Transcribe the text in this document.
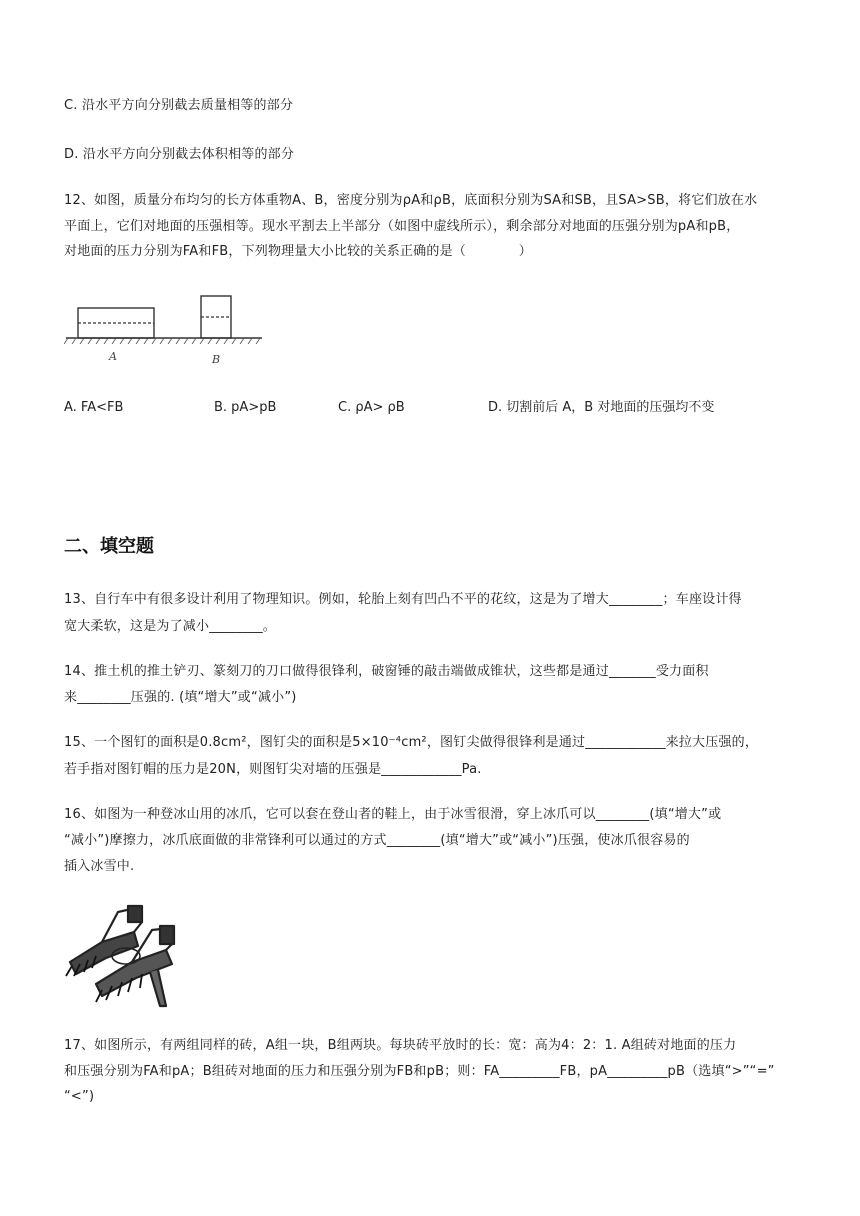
C. 沿水平方向分别截去质量相等的部分
D. 沿水平方向分别截去体积相等的部分
12、如图，质量分布均匀的长方体重物A、B，密度分别为ρA和ρB，底面积分别为SA和SB，且SA>SB，将它们放在水
平面上，它们对地面的压强相等。现水平割去上半部分（如图中虚线所示），剩余部分对地面的压强分别为pA和pB，
对地面的压力分别为FA和FB，下列物理量大小比较的关系正确的是（　　　　）
A	B
A. FA<FB	B. pA>pB	C. ρA> ρB	D. 切割前后 A，B 对地面的压强均不变
二、填空题
13、自行车中有很多设计利用了物理知识。例如，轮胎上刻有凹凸不平的花纹，这是为了增大________；车座设计得
宽大柔软，这是为了减小________。
14、推土机的推土铲刃、篆刻刀的刀口做得很锋利，破窗锤的敲击端做成锥状，这些都是通过_______受力面积
来________压强的. (填“增大”或“减小”)
15、一个图钉的面积是0.8cm²，图钉尖的面积是5×10⁻⁴cm²，图钉尖做得很锋利是通过____________来拉大压强的，
若手指对图钉帽的压力是20N，则图钉尖对墙的压强是____________Pa.
16、如图为一种登冰山用的冰爪，它可以套在登山者的鞋上，由于冰雪很滑，穿上冰爪可以________(填“增大”或
“减小”)摩擦力，冰爪底面做的非常锋利可以通过的方式________(填“增大”或“减小”)压强，使冰爪很容易的
插入冰雪中.
17、如图所示，有两组同样的砖，A组一块，B组两块。每块砖平放时的长：宽：高为4：2：1. A组砖对地面的压力
和压强分别为FA和pA；B组砖对地面的压力和压强分别为FB和pB；则：FA_________FB，pA_________pB（选填“>”“=”
“<”)
